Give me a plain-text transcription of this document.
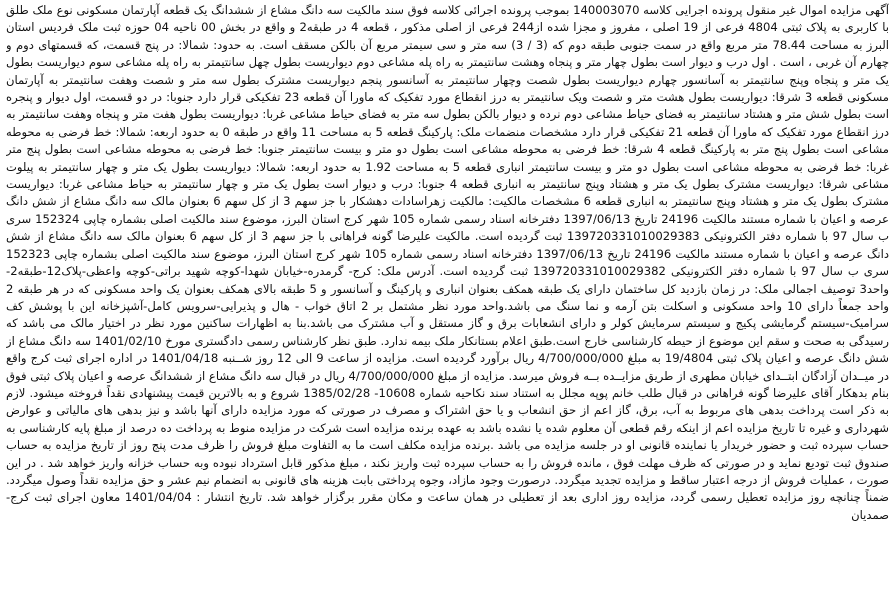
آگهی مزایده اموال غیر منقول پرونده اجرایی کلاسه 140003070 بموجب پرونده اجرائی کلاسه فوق سند مالکیت سه دانگ مشاع از ششدانگ یک قطعه آپارتمان مسکونی نوع ملک طلق با کاربری به پلاک ثبتی 4804 فرعی از 19 اصلی ، مفروز و مجزا شده از244 فرعی از اصلی مذکور ، قطعه 4 در طبقه2 و واقع در بخش 00 ناحیه 04 حوزه ثبت ملک فردیس استان البرز به مساحت 78.44 متر مربع واقع در سمت جنوبی طبقه دوم که (3 / 3) سه متر و سی سیمتر مربع آن بالکن مسقف است. به حدود: شمالا: در پنج قسمت، که قسمتهای دوم و چهارم آن غربی ، است . اول درب و دیوار است بطول چهار متر و پنجاه وهشت سانتیمتر به راه پله مشاعی دوم دیواریست بطول چهل سانتیمتر به راه پله مشاعی سوم دیواریست بطول یک متر و پنجاه وپنج سانتیمتر به آسانسور چهارم دیواریست بطول شصت وچهار سانتیمتر به آسانسور پنجم دیواریست مشترک بطول سه متر و شصت وهفت سانتیمتر به آپارتمان مسکونی قطعه 3 شرقا: دیواریست بطول هشت متر و شصت ویک سانتیمتر به درز انقطاع مورد تفکیک که ماورا آن قطعه 23 تفکیکی قرار دارد جنوبا: در دو قسمت، اول دیوار و پنجره است بطول شش متر و هشتاد سانتیمتر به فضای حیاط مشاعی دوم نرده و دیوار بالکن بطول سه متر به فضای حیاط مشاعی غربا: دیواریست بطول هفت متر و پنجاه وهفت سانتیمتر به درز انقطاع مورد تفکیک که ماورا آن قطعه 21 تفکیکی قرار دارد مشخصات منضمات ملک: پارکینگ قطعه 5 به مساحت 11 واقع در طبقه 0 به حدود اربعه: شمالا: خط فرضی به محوطه مشاعی است بطول پنج متر به پارکینگ قطعه 4 شرقا: خط فرضی به محوطه مشاعی است بطول دو متر و بیست سانتیمتر جنوبا: خط فرضی به محوطه مشاعی است بطول پنج متر غربا: خط فرضی به محوطه مشاعی است بطول دو متر و بیست سانتیمتر انباری قطعه 5 به مساحت 1.92 به حدود اربعه: شمالا: دیواریست بطول یک متر و چهار سانتیمتر به پیلوت مشاعی شرقا: دیواریست مشترک بطول یک متر و هشتاد وپنج سانتیمتر به انباری قطعه 4 جنوبا: درب و دیوار است بطول یک متر و چهار سانتیمتر به حیاط مشاعی غربا: دیواریست مشترک بطول یک متر و هشتاد وپنج سانتیمتر به انباری قطعه 6 مشخصات مالکیت: مالکیت زهراسادات دهشکار با جز سهم 3 از کل سهم 6 بعنوان مالک سه دانگ مشاع از شش دانگ عرصه و اعیان با شماره مستند مالکیت 24196 تاریخ 1397/06/13 دفترخانه اسناد رسمی شماره 105 شهر کرج استان البرز، موضوع سند مالکیت اصلی بشماره چاپی 152324 سری ب سال 97 با شماره دفتر الکترونیکی 139720331010029383 ثبت گردیده است. مالکیت علیرضا گونه فراهانی با جز سهم 3 از کل سهم 6 بعنوان مالک سه دانگ مشاع از شش دانگ عرصه و اعیان با شماره مستند مالکیت 24196 تاریخ 1397/06/13 دفترخانه اسناد رسمی شماره 105 شهر کرج استان البرز، موضوع سند مالکیت اصلی بشماره چاپی 152323 سری ب سال 97 با شماره دفتر الکترونیکی 139720331010029382 ثبت گردیده است. آدرس ملک: کرج- گرمدره-خیابان شهدا-کوچه شهید براتی-کوچه واعظی-پلاک12-طبقه2-واحد3 توصیف اجمالی ملک: در زمان بازدید کل ساختمان دارای یک طبقه همکف بعنوان انباری و پارکینگ و آسانسور و 5 طبقه بالای همکف بعنوان یک واحد مسکونی که در هر طبقه 2 واحد جمعاً دارای 10 واحد مسکونی و اسکلت بتن آرمه و نما سنگ می باشد.واحد مورد نظر مشتمل بر 2 اتاق خواب - هال و پذیرایی-سرویس کامل-آشپزخانه این با پوشش کف سرامیک-سیستم گرمایشی پکیج و سیستم سرمایش کولر و دارای انشعابات برق و گاز مستقل و آب مشترک می باشد.بنا به اظهارات ساکنین مورد نظر در اختیار مالک می باشد که رسیدگی به صحت و سقم این موضوع از حیطه کارشناسی خارج است.طبق اعلام بستانکار ملک بیمه ندارد. طبق نظر کارشناس رسمی دادگستری مورخ 1401/02/10 سه دانگ مشاع از شش دانگ عرصه و اعیان پلاک ثبتی 19/4804 به مبلغ 4/700/000/000 ریال برآورد گردیده است. مزایده از ساعت 9 الی 12 روز شــنبه 1401/04/18 در اداره اجرای ثبت کرج واقع در میــدان آزادگان ابتــدای خیابان مطهری از طریق مزایــده بــه فروش میرسد. مزایده از مبلغ 4/700/000/000 ریال در قبال سه دانگ مشاع از ششدانگ عرصه و اعیان پلاک ثبتی فوق بنام بدهکار آقای علیرضا گونه فراهانی در قبال طلب خانم پوپه مجلل به استناد سند نکاحیه شماره 10608- 1385/02/28 شروع و به بالاترین قیمت پیشنهادی نقداً فروخته میشود. لازم به ذکر است پرداخت بدهی های مربوط به آب، برق، گاز اعم از حق انشعاب و یا حق اشتراک و مصرف در صورتی که مورد مزایده دارای آنها باشد و نیز بدهی های مالیاتی و عوارض شهرداری و غیره تا تاریخ مزایده اعم از اینکه رقم قطعی آن معلوم شده یا نشده باشد به عهده برنده مزایده است شرکت در مزایده منوط به پرداخت ده درصد از مبلغ پایه کارشناسی به حساب سپرده ثبت و حضور خریدار یا نماینده قانونی او در جلسه مزایده می باشد .برنده مزایده مکلف است ما به التفاوت مبلغ فروش را ظرف مدت پنج روز از تاریخ مزایده به حساب صندوق ثبت تودیع نماید و در صورتی که ظرف مهلت فوق ، مانده فروش را به حساب سپرده ثبت واریز نکند ، مبلغ مذکور قابل استرداد نبوده وبه حساب خزانه واریز خواهد شد . در این صورت ، عملیات فروش از درجه اعتبار ساقط و مزایده تجدید میگردد. درصورت وجود مازاد، وجوه پرداختی بابت هزینه های قانونی به انضمام نیم عشر و حق مزایده نقداً وصول میگردد. ضمناً چنانچه روز مزایده تعطیل رسمی گردد، مزایده روز اداری بعد از تعطیلی در همان ساعت و مکان مقرر برگزار خواهد شد. تاریخ انتشار : 1401/04/04 معاون اجرای ثبت کرج-صمدیان
